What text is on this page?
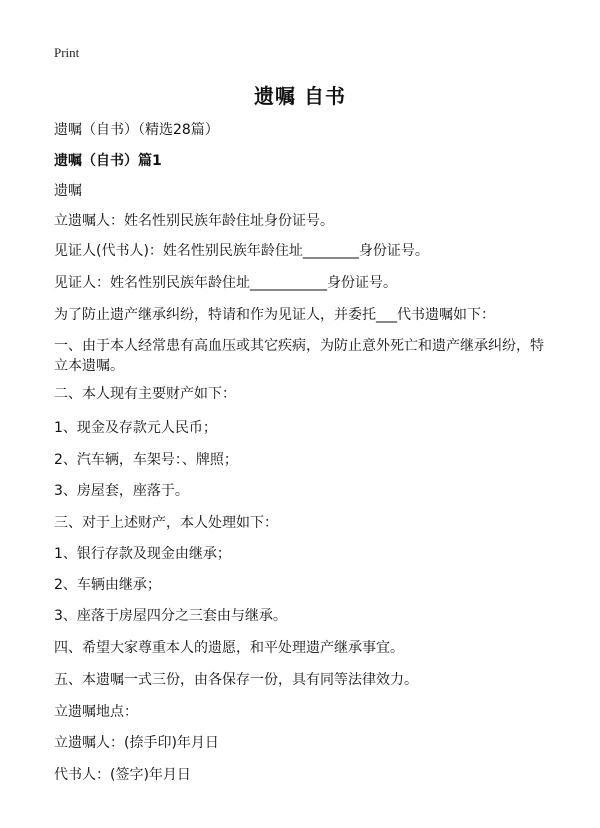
Print
遗嘱 自书
遗嘱（自书）（精选28篇）
遗嘱（自书）篇1
遗嘱
立遗嘱人：姓名性别民族年龄住址身份证号。
见证人(代书人)：姓名性别民族年龄住址________身份证号。
见证人：姓名性别民族年龄住址___________身份证号。
为了防止遗产继承纠纷，特请和作为见证人，并委托___代书遗嘱如下：
一、由于本人经常患有高血压或其它疾病，为防止意外死亡和遗产继承纠纷，特立本遗嘱。
二、本人现有主要财产如下：
1、现金及存款元人民币；
2、汽车辆，车架号：、牌照；
3、房屋套，座落于。
三、对于上述财产，本人处理如下：
1、银行存款及现金由继承；
2、车辆由继承；
3、座落于房屋四分之三套由与继承。
四、希望大家尊重本人的遗愿，和平处理遗产继承事宜。
五、本遗嘱一式三份，由各保存一份，具有同等法律效力。
立遗嘱地点：
立遗嘱人：(捺手印)年月日
代书人：(签字)年月日
